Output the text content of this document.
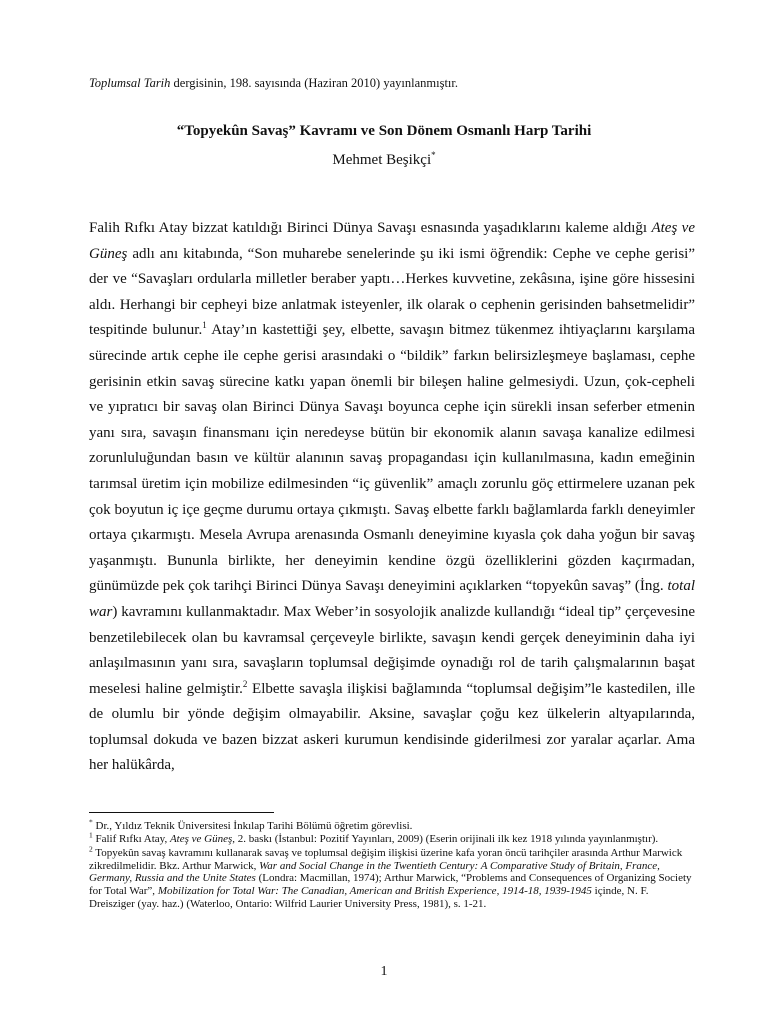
Toplumsal Tarih dergisinin, 198. sayısında (Haziran 2010) yayınlanmıştır.
“Topyekûn Savaş” Kavramı ve Son Dönem Osmanlı Harp Tarihi
Mehmet Beşikçi*

Falih Rıfkı Atay bizzat katıldığı Birinci Dünya Savaşı esnasında yaşadıklarını kaleme aldığı Ateş ve Güneş adlı anı kitabında, “Son muharebe senelerinde şu iki ismi öğrendik: Cephe ve cephe gerisi” der ve “Savaşları ordularla milletler beraber yaptı…Herkes kuvvetine, zekâsına, işine göre hissesini aldı. Herhangi bir cepheyi bize anlatmak isteyenler, ilk olarak o cephenin gerisinden bahsetmelidir” tespitinde bulunur.$^1$ Atay’ın kastettiği şey, elbette, savaşın bitmez tükenmez ihtiyaçlarını karşılama sürecinde artık cephe ile cephe gerisi arasındaki o “bildik” farkın belirsizleşmeye başlaması, cephe gerisinin etkin savaş sürecine katkı yapan önemli bir bileşen haline gelmesiydi. Uzun, çok-cepheli ve yıpratıcı bir savaş olan Birinci Dünya Savaşı boyunca cephe için sürekli insan seferber etmenin yanı sıra, savaşın finansmanı için neredeyse bütün bir ekonomik alanın savaşa kanalize edilmesi zorunluluğundan basın ve kültür alanının savaş propagandası için kullanılmasına, kadın emeğinin tarımsal üretim için mobilize edilmesinden “iç güvenlik” amaçlı zorunlu göç ettirmelere uzanan pek çok boyutun iç içe geçme durumu ortaya çıkmıştı. Savaş elbette farklı bağlamlarda farklı deneyimler ortaya çıkarmıştı. Mesela Avrupa arenasında Osmanlı deneyimine kıyasla çok daha yoğun bir savaş yaşanmıştı. Bununla birlikte, her deneyimin kendine özgü özelliklerini gözden kaçırmadan, günümüzde pek çok tarihçi Birinci Dünya Savaşı deneyimini açıklarken “topyekûn savaş” (İng. total war) kavramını kullanmaktadır. Max Weber’in sosyolojik analizde kullandığı “ideal tip” çerçevesine benzetilebilecek olan bu kavramsal çerçeveyle birlikte, savaşın kendi gerçek deneyiminin daha iyi anlaşılmasının yanı sıra, savaşların toplumsal değişimde oynadığı rol de tarih çalışmalarının başat meselesi haline gelmiştir.$^2$ Elbette savaşla ilişkisi bağlamında “toplumsal değişim”le kastedilen, ille de olumlu bir yönde değişim olmayabilir. Aksine, savaşlar çoğu kez ülkelerin altyapılarında, toplumsal dokuda ve bazen bizzat askeri kurumun kendisinde giderilmesi zor yaralar açarlar. Ama her halükârda,

* Dr., Yıldız Teknik Üniversitesi İnkılap Tarihi Bölümü öğretim görevlisi.

$^1$ Falif Rıfkı Atay, Ateş ve Güneş, 2. baskı (İstanbul: Pozitif Yayınları, 2009) (Eserin orijinali ilk kez 1918 yılında yayınlanmıştır).

$^2$ Topyekûn savaş kavramını kullanarak savaş ve toplumsal değişim ilişkisi üzerine kafa yoran öncü tarihçiler arasında Arthur Marwick zikredilmelidir. Bkz. Arthur Marwick, War and Social Change in the Twentieth Century: A Comparative Study of Britain, France, Germany, Russia and the Unite States (Londra: Macmillan, 1974); Arthur Marwick, “Problems and Consequences of Organizing Society for Total War”, Mobilization for Total War: The Canadian, American and British Experience, 1914-18, 1939-1945 içinde, N. F. Dreisziger (yay. haz.) (Waterloo, Ontario: Wilfrid Laurier University Press, 1981), s. 1-21.

1
